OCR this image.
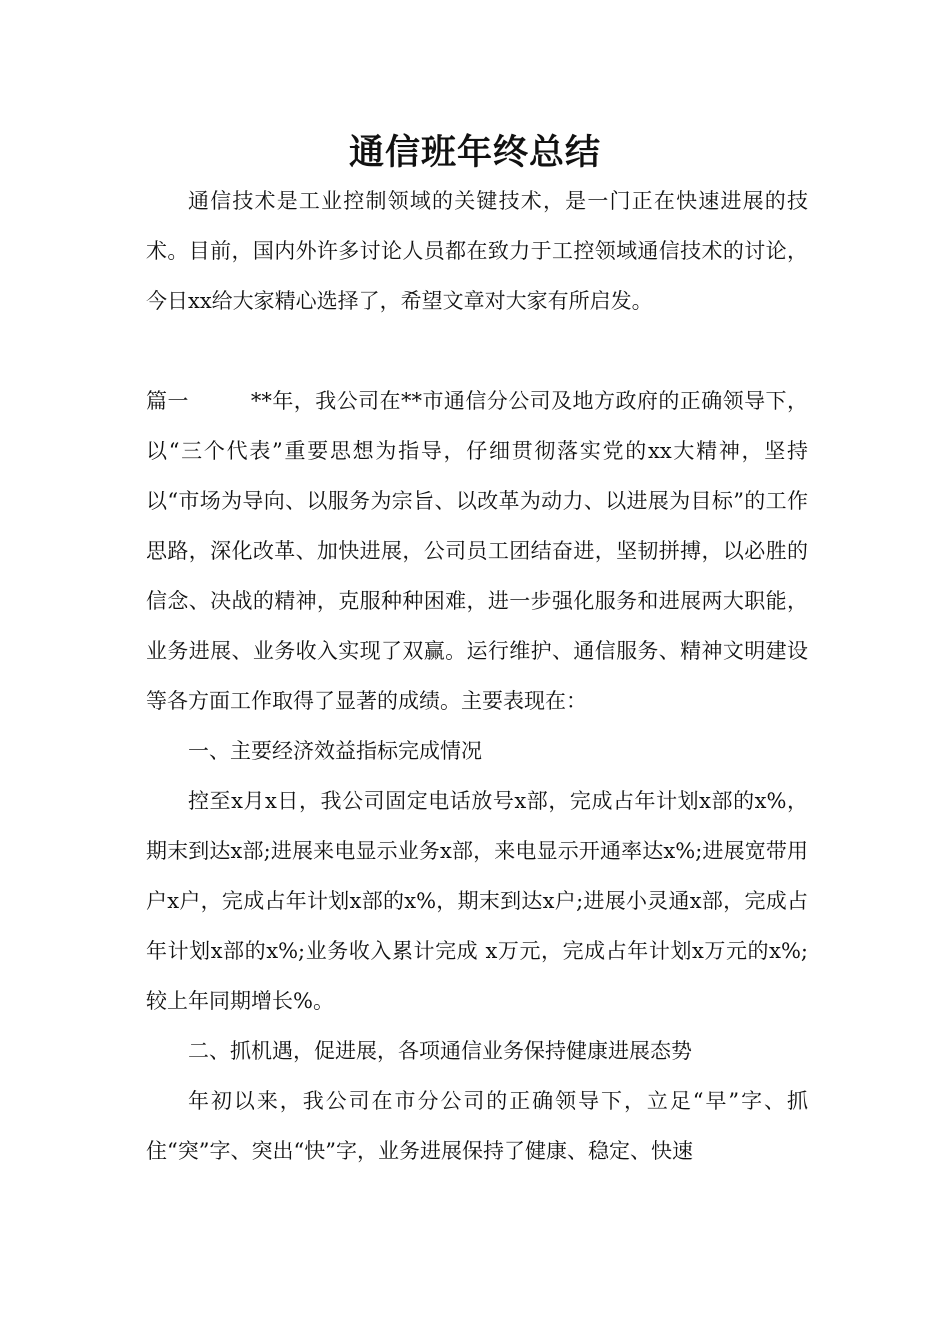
通信班年终总结

通信技术是工业控制领域的关键技术，是一门正在快速进展的技术。目前，国内外许多讨论人员都在致力于工控领域通信技术的讨论，今日xx给大家精心选择了，希望文章对大家有所启发。

篇一	**年，我公司在**市通信分公司及地方政府的正确领导下，以“三个代表”重要思想为指导，仔细贯彻落实党的xx大精神，坚持以“市场为导向、以服务为宗旨、以改革为动力、以进展为目标”的工作思路，深化改革、加快进展，公司员工团结奋进，坚韧拼搏，以必胜的信念、决战的精神，克服种种困难，进一步强化服务和进展两大职能，业务进展、业务收入实现了双赢。运行维护、通信服务、精神文明建设等各方面工作取得了显著的成绩。主要表现在：

一、主要经济效益指标完成情况

控至x月x日，我公司固定电话放号x部，完成占年计划x部的x%，期末到达x部;进展来电显示业务x部，来电显示开通率达x%;进展宽带用户x户，完成占年计划x部的x%，期末到达x户;进展小灵通x部，完成占年计划x部的x%;业务收入累计完成 x万元，完成占年计划x万元的x%;较上年同期增长%。

二、抓机遇，促进展，各项通信业务保持健康进展态势

年初以来，我公司在市分公司的正确领导下，立足“早”字、抓住“突”字、突出“快”字，业务进展保持了健康、稳定、快速
